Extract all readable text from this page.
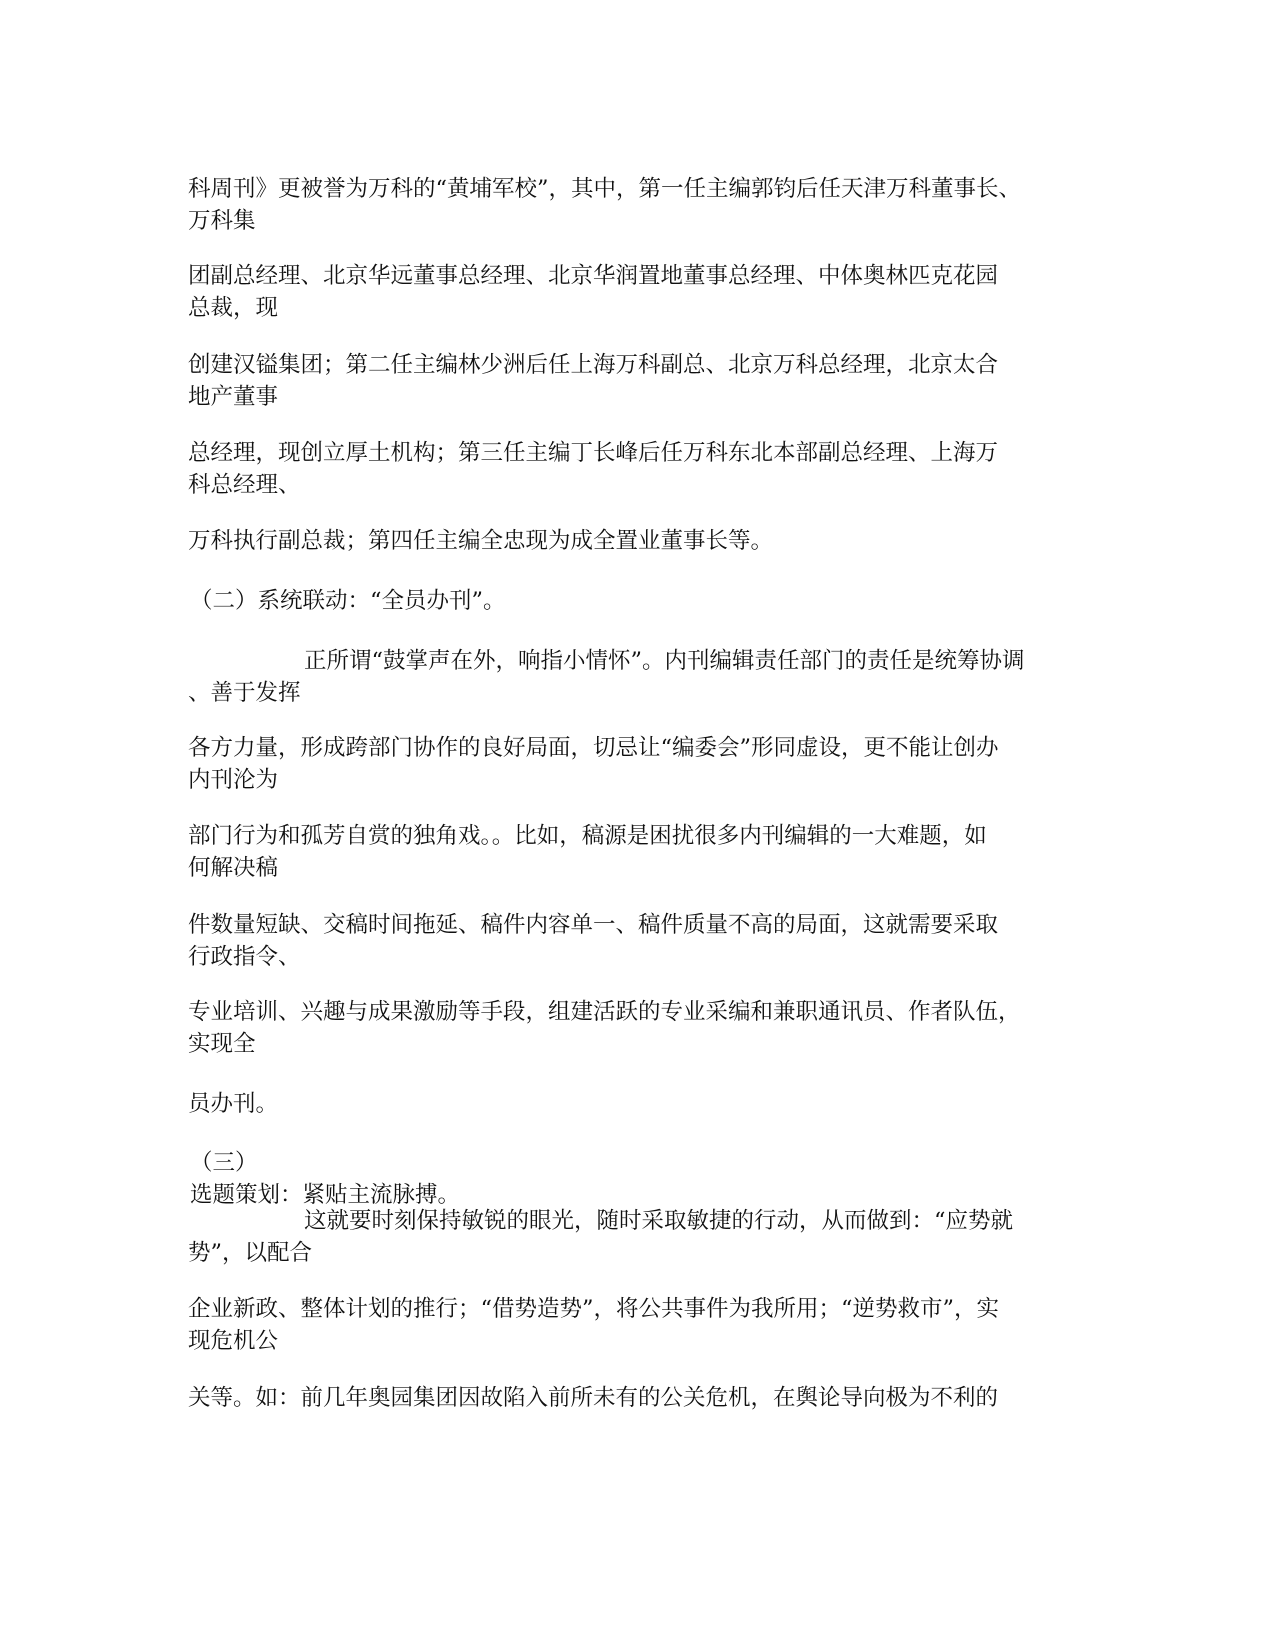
科周刊》更被誉为万科的“黄埔军校”，其中，第一任主编郭钧后任天津万科董事长、
万科集

团副总经理、北京华远董事总经理、北京华润置地董事总经理、中体奥林匹克花园
总裁，现

创建汉镒集团；第二任主编林少洲后任上海万科副总、北京万科总经理，北京太合
地产董事

总经理，现创立厚土机构；第三任主编丁长峰后任万科东北本部副总经理、上海万
科总经理、

万科执行副总裁；第四任主编全忠现为成全置业董事长等。

（二）系统联动：“全员办刊”。

正所谓“鼓掌声在外，响指小情怀”。内刊编辑责任部门的责任是统筹协调
、善于发挥

各方力量，形成跨部门协作的良好局面，切忌让“编委会”形同虚设，更不能让创办
内刊沦为

部门行为和孤芳自赏的独角戏。。比如，稿源是困扰很多内刊编辑的一大难题，如
何解决稿

件数量短缺、交稿时间拖延、稿件内容单一、稿件质量不高的局面，这就需要采取
行政指令、

专业培训、兴趣与成果激励等手段，组建活跃的专业采编和兼职通讯员、作者队伍，
实现全

员办刊。

（三）
选题策划：紧贴主流脉搏。

这就要时刻保持敏锐的眼光，随时采取敏捷的行动，从而做到：“应势就
势”，以配合

企业新政、整体计划的推行；“借势造势”，将公共事件为我所用；“逆势救市”，实
现危机公

关等。如：前几年奥园集团因故陷入前所未有的公关危机，在舆论导向极为不利的
